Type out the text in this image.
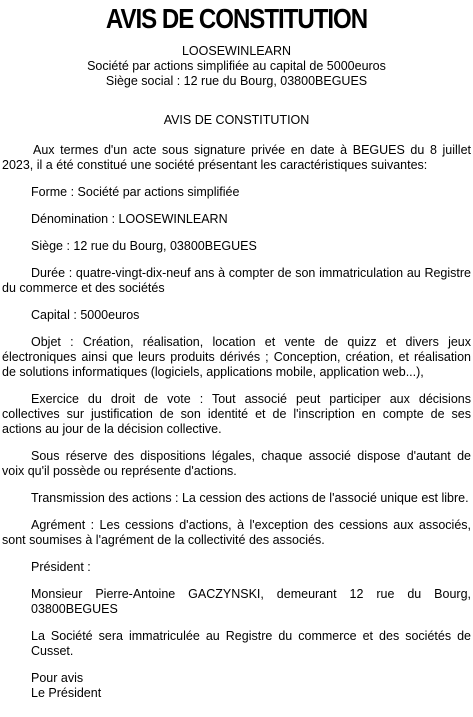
AVIS DE CONSTITUTION
LOOSEWINLEARN
Société par actions simplifiée au capital de 5000euros
Siège social : 12 rue du Bourg, 03800BEGUES
AVIS DE CONSTITUTION
Aux termes d'un acte sous signature privée en date à BEGUES du 8 juillet 2023, il a été constitué une société présentant les caractéristiques suivantes:
Forme : Société par actions simplifiée
Dénomination : LOOSEWINLEARN
Siège : 12 rue du Bourg, 03800BEGUES
Durée : quatre-vingt-dix-neuf ans à compter de son immatriculation au Registre du commerce et des sociétés
Capital : 5000euros
Objet : Création, réalisation, location et vente de quizz et divers jeux électroniques ainsi que leurs produits dérivés ; Conception, création, et réalisation de solutions informatiques (logiciels, applications mobile, application web...),
Exercice du droit de vote : Tout associé peut participer aux décisions collectives sur justification de son identité et de l'inscription en compte de ses actions au jour de la décision collective.
Sous réserve des dispositions légales, chaque associé dispose d'autant de voix qu'il possède ou représente d'actions.
Transmission des actions : La cession des actions de l'associé unique est libre.
Agrément : Les cessions d'actions, à l'exception des cessions aux associés, sont soumises à l'agrément de la collectivité des associés.
Président :
Monsieur Pierre-Antoine GACZYNSKI, demeurant 12 rue du Bourg, 03800BEGUES
La Société sera immatriculée au Registre du commerce et des sociétés de Cusset.
Pour avis
Le Président
